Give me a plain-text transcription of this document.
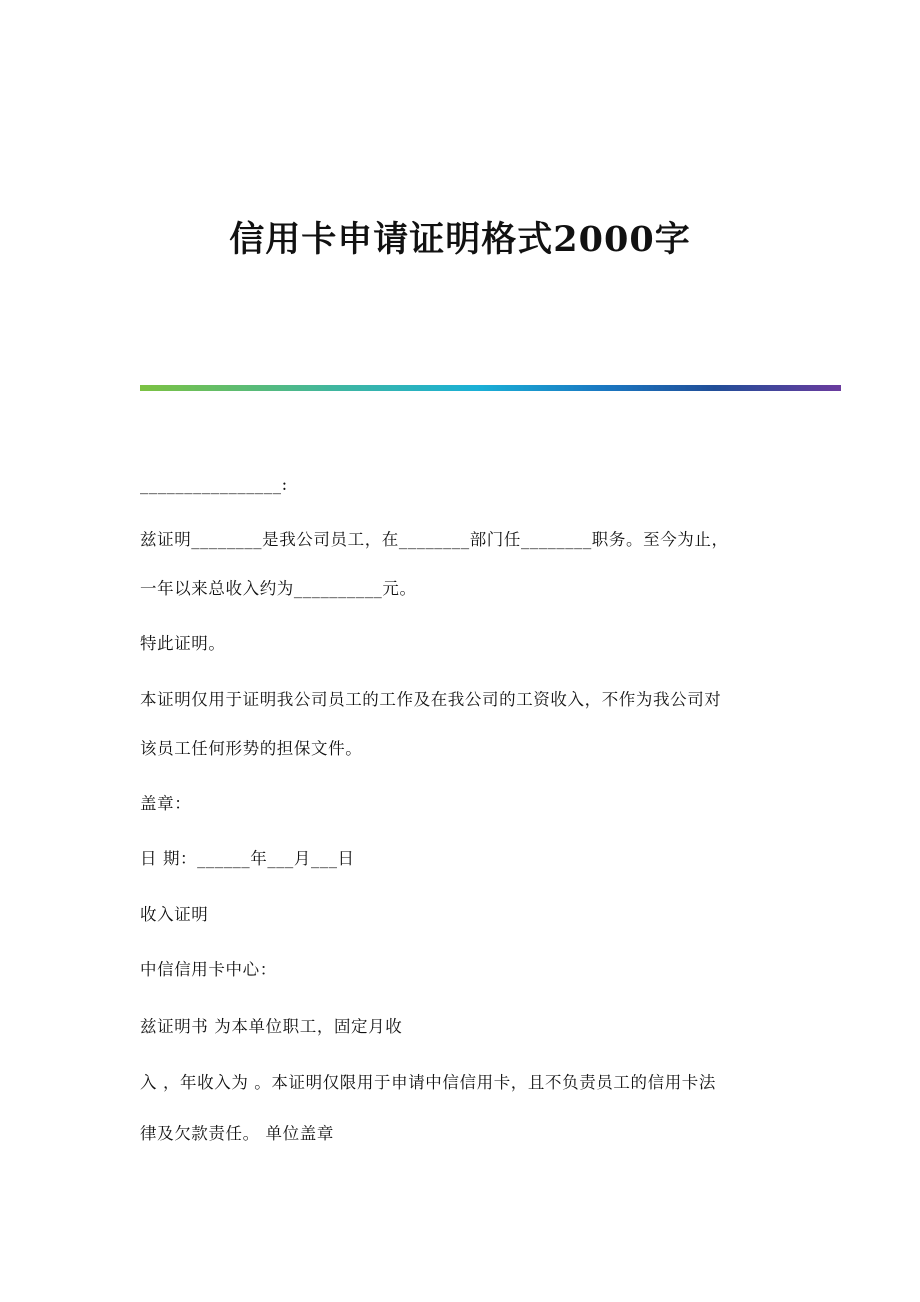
信用卡申请证明格式2000字
________________:
兹证明________是我公司员工，在________部门任________职务。至今为止，
一年以来总收入约为__________元。
特此证明。
本证明仅用于证明我公司员工的工作及在我公司的工资收入，不作为我公司对
该员工任何形势的担保文件。
盖章：
日 期：______年___月___日
收入证明
中信信用卡中心：
兹证明书 为本单位职工，固定月收
入 ，年收入为 。本证明仅限用于申请中信信用卡，且不负责员工的信用卡法
律及欠款责任。 单位盖章
